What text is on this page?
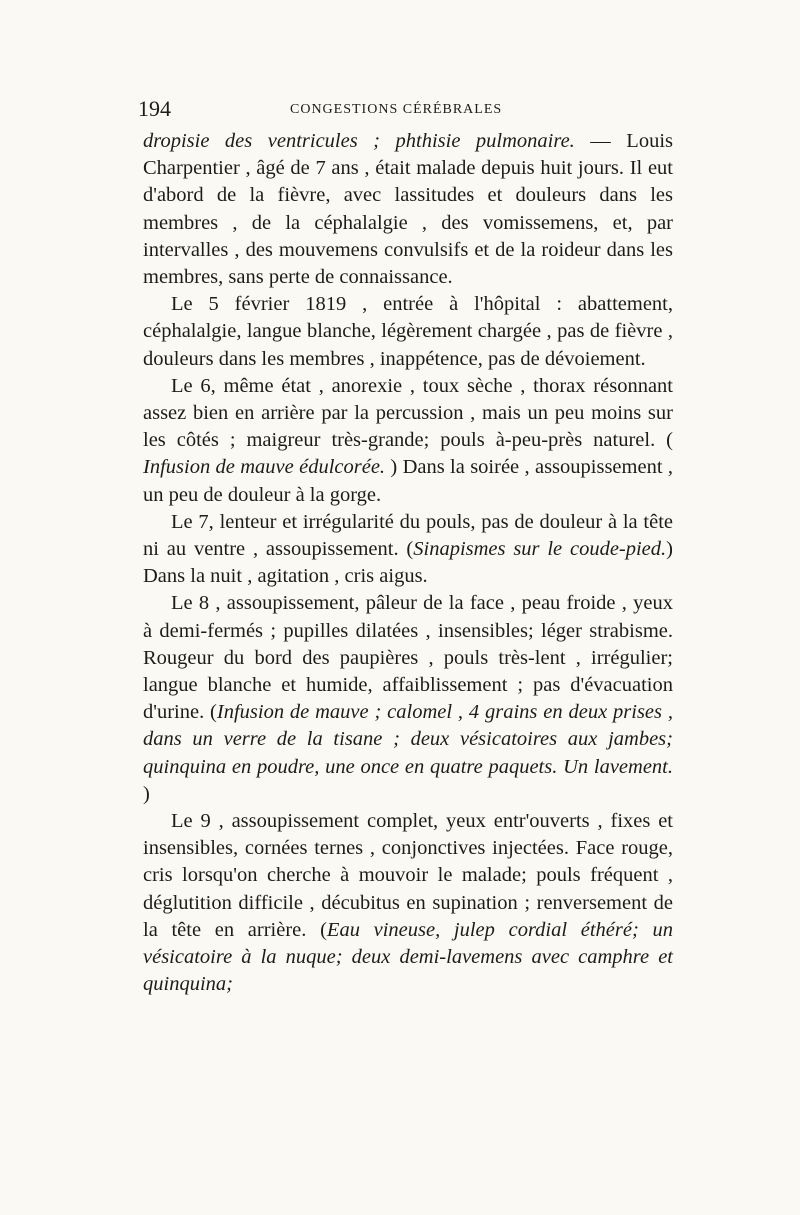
194	CONGESTIONS CÉRÉBRALES

dropisie des ventricules ; phthisie pulmonaire. — Louis Charpentier , âgé de 7 ans , était malade depuis huit jours. Il eut d'abord de la fièvre, avec lassitudes et douleurs dans les membres , de la céphalalgie , des vomissemens, et, par intervalles , des mouvemens convulsifs et de la roideur dans les membres, sans perte de connaissance.

Le 5 février 1819 , entrée à l'hôpital : abattement, céphalalgie, langue blanche, légèrement chargée , pas de fièvre , douleurs dans les membres , inappétence, pas de dévoiement.

Le 6, même état , anorexie , toux sèche , thorax résonnant assez bien en arrière par la percussion , mais un peu moins sur les côtés ; maigreur très-grande; pouls à-peu-près naturel. ( Infusion de mauve édulcorée. ) Dans la soirée , assoupissement , un peu de douleur à la gorge.

Le 7, lenteur et irrégularité du pouls, pas de douleur à la tête ni au ventre , assoupissement. (Sinapismes sur le coude-pied.) Dans la nuit , agitation , cris aigus.

Le 8 , assoupissement, pâleur de la face , peau froide , yeux à demi-fermés ; pupilles dilatées , insensibles; léger strabisme. Rougeur du bord des paupières , pouls très-lent , irrégulier; langue blanche et humide, affaiblissement ; pas d'évacuation d'urine. (Infusion de mauve ; calomel , 4 grains en deux prises , dans un verre de la tisane ; deux vésicatoires aux jambes; quinquina en poudre, une once en quatre paquets. Un lavement. )

Le 9 , assoupissement complet, yeux entr'ouverts , fixes et insensibles, cornées ternes , conjonctives injectées. Face rouge, cris lorsqu'on cherche à mouvoir le malade; pouls fréquent , déglutition difficile , décubitus en supination ; renversement de la tête en arrière. (Eau vineuse, julep cordial éthéré; un vésicatoire à la nuque; deux demi-lavemens avec camphre et quinquina;
